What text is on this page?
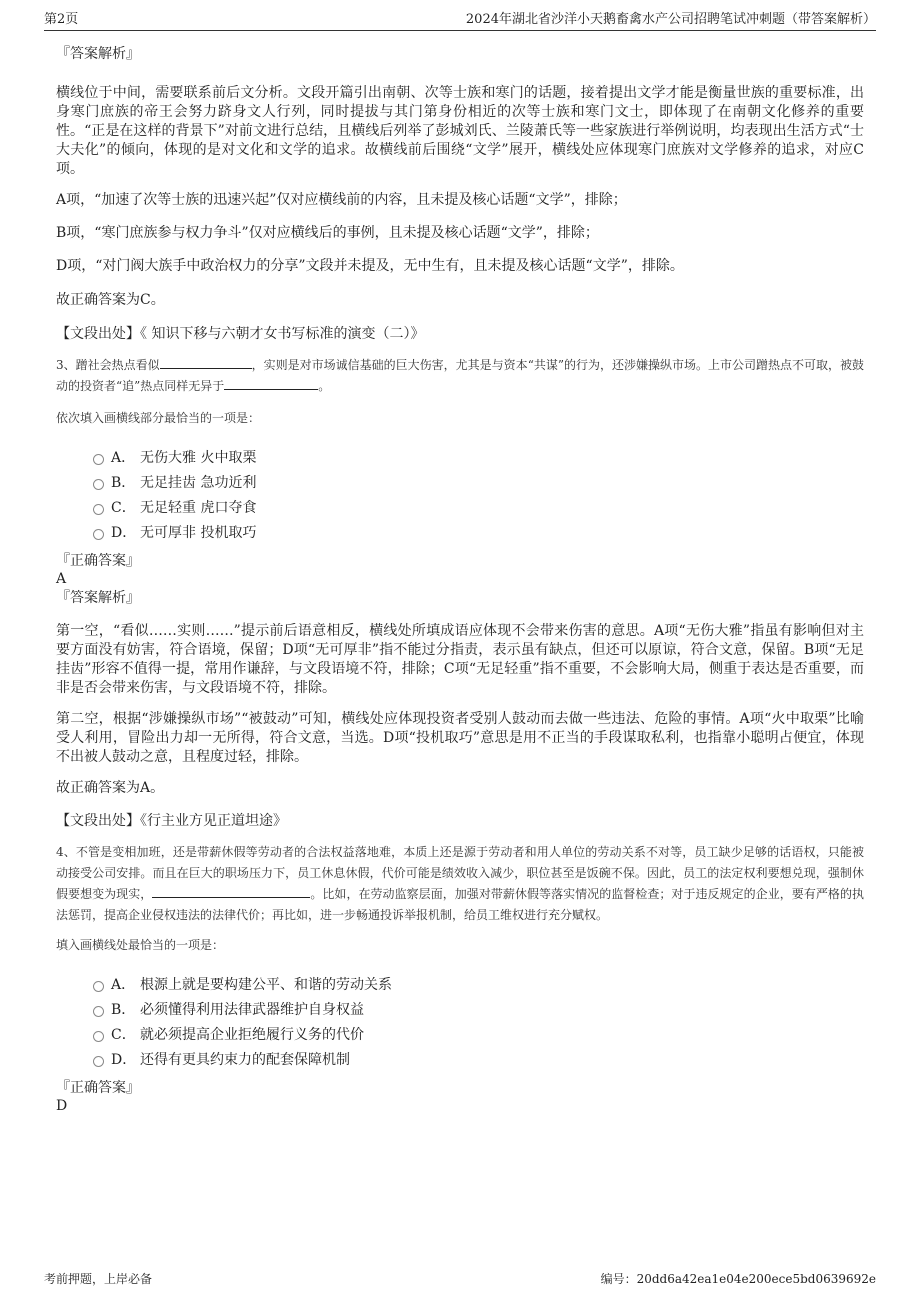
第2页	2024年湖北省沙洋小天鹅畜禽水产公司招聘笔试冲刺题（带答案解析）
『答案解析』

横线位于中间，需要联系前后文分析。文段开篇引出南朝、次等士族和寒门的话题，接着提出文学才能是衡量世族的重要标准，出身寒门庶族的帝王会努力跻身文人行列，同时提拔与其门第身份相近的次等士族和寒门文士，即体现了在南朝文化修养的重要性。“正是在这样的背景下”对前文进行总结，且横线后列举了彭城刘氏、兰陵萧氏等一些家族进行举例说明，均表现出生活方式“士大夫化”的倾向，体现的是对文化和文学的追求。故横线前后围绕“文学”展开，横线处应体现寒门庶族对文学修养的追求，对应C项。

A项，“加速了次等士族的迅速兴起”仅对应横线前的内容，且未提及核心话题“文学”，排除；

B项，“寒门庶族参与权力争斗”仅对应横线后的事例，且未提及核心话题“文学”，排除；

D项，“对门阀大族手中政治权力的分享”文段并未提及，无中生有，且未提及核心话题“文学”，排除。

故正确答案为C。

【文段出处】《 知识下移与六朝才女书写标准的演变（二）》

3、蹭社会热点看似	，实则是对市场诚信基础的巨大伤害，尤其是与资本“共谋”的行为，还涉嫌操纵市场。上市公司蹭热点不可取，被鼓动的投资者“追”热点同样无异于	。

依次填入画横线部分最恰当的一项是：

A． 无伤大雅 火中取栗
B． 无足挂齿 急功近利
C． 无足轻重 虎口夺食
D． 无可厚非 投机取巧
『正确答案』
A
『答案解析』

第一空，“看似……实则……”提示前后语意相反，横线处所填成语应体现不会带来伤害的意思。A项“无伤大雅”指虽有影响但对主要方面没有妨害，符合语境，保留；D项“无可厚非”指不能过分指责，表示虽有缺点，但还可以原谅，符合文意，保留。B项“无足挂齿”形容不值得一提，常用作谦辞，与文段语境不符，排除；C项“无足轻重”指不重要，不会影响大局，侧重于表达是否重要，而非是否会带来伤害，与文段语境不符，排除。

第二空，根据“涉嫌操纵市场”“被鼓动”可知，横线处应体现投资者受别人鼓动而去做一些违法、危险的事情。A项“火中取栗”比喻受人利用，冒险出力却一无所得，符合文意，当选。D项“投机取巧”意思是用不正当的手段谋取私利，也指靠小聪明占便宜，体现不出被人鼓动之意，且程度过轻，排除。

故正确答案为A。

【文段出处】《行主业方见正道坦途》

4、不管是变相加班，还是带薪休假等劳动者的合法权益落地难，本质上还是源于劳动者和用人单位的劳动关系不对等，员工缺少足够的话语权，只能被动接受公司安排。而且在巨大的职场压力下，员工休息休假，代价可能是绩效收入减少，职位甚至是饭碗不保。因此，员工的法定权利要想兑现，强制休假要想变为现实，	。比如，在劳动监察层面，加强对带薪休假等落实情况的监督检查；对于违反规定的企业，要有严格的执法惩罚，提高企业侵权违法的法律代价；再比如，进一步畅通投诉举报机制，给员工维权进行充分赋权。

填入画横线处最恰当的一项是：

A． 根源上就是要构建公平、和谐的劳动关系
B． 必须懂得利用法律武器维护自身权益
C． 就必须提高企业拒绝履行义务的代价
D． 还得有更具约束力的配套保障机制
『正确答案』
D
考前押题，上岸必备	编号：20dd6a42ea1e04e200ece5bd0639692e
